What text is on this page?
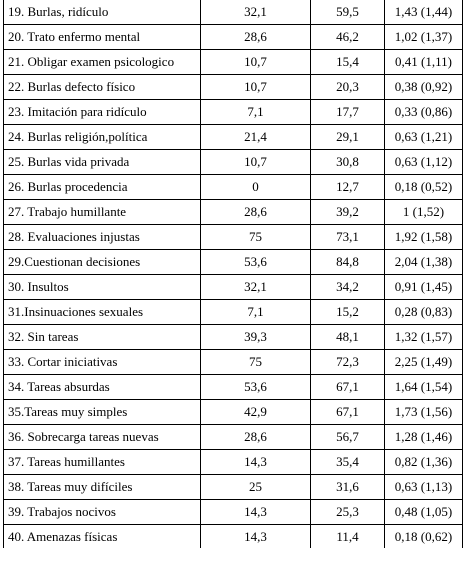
19. Burlas, ridículo	32,1	59,5	1,43 (1,44)
20. Trato enfermo mental	28,6	46,2	1,02 (1,37)
21. Obligar examen psicologico	10,7	15,4	0,41 (1,11)
22. Burlas defecto físico	10,7	20,3	0,38 (0,92)
23. Imitación para ridículo	7,1	17,7	0,33 (0,86)
24. Burlas religión,política	21,4	29,1	0,63 (1,21)
25. Burlas vida privada	10,7	30,8	0,63 (1,12)
26. Burlas procedencia	0	12,7	0,18 (0,52)
27. Trabajo humillante	28,6	39,2	1 (1,52)
28. Evaluaciones injustas	75	73,1	1,92 (1,58)
29.Cuestionan decisiones	53,6	84,8	2,04 (1,38)
30. Insultos	32,1	34,2	0,91 (1,45)
31.Insinuaciones sexuales	7,1	15,2	0,28 (0,83)
32. Sin tareas	39,3	48,1	1,32 (1,57)
33. Cortar iniciativas	75	72,3	2,25 (1,49)
34. Tareas absurdas	53,6	67,1	1,64 (1,54)
35.Tareas muy simples	42,9	67,1	1,73 (1,56)
36. Sobrecarga tareas nuevas	28,6	56,7	1,28 (1,46)
37. Tareas humillantes	14,3	35,4	0,82 (1,36)
38. Tareas muy difíciles	25	31,6	0,63 (1,13)
39. Trabajos nocivos	14,3	25,3	0,48 (1,05)
40. Amenazas físicas	14,3	11,4	0,18 (0,62)
